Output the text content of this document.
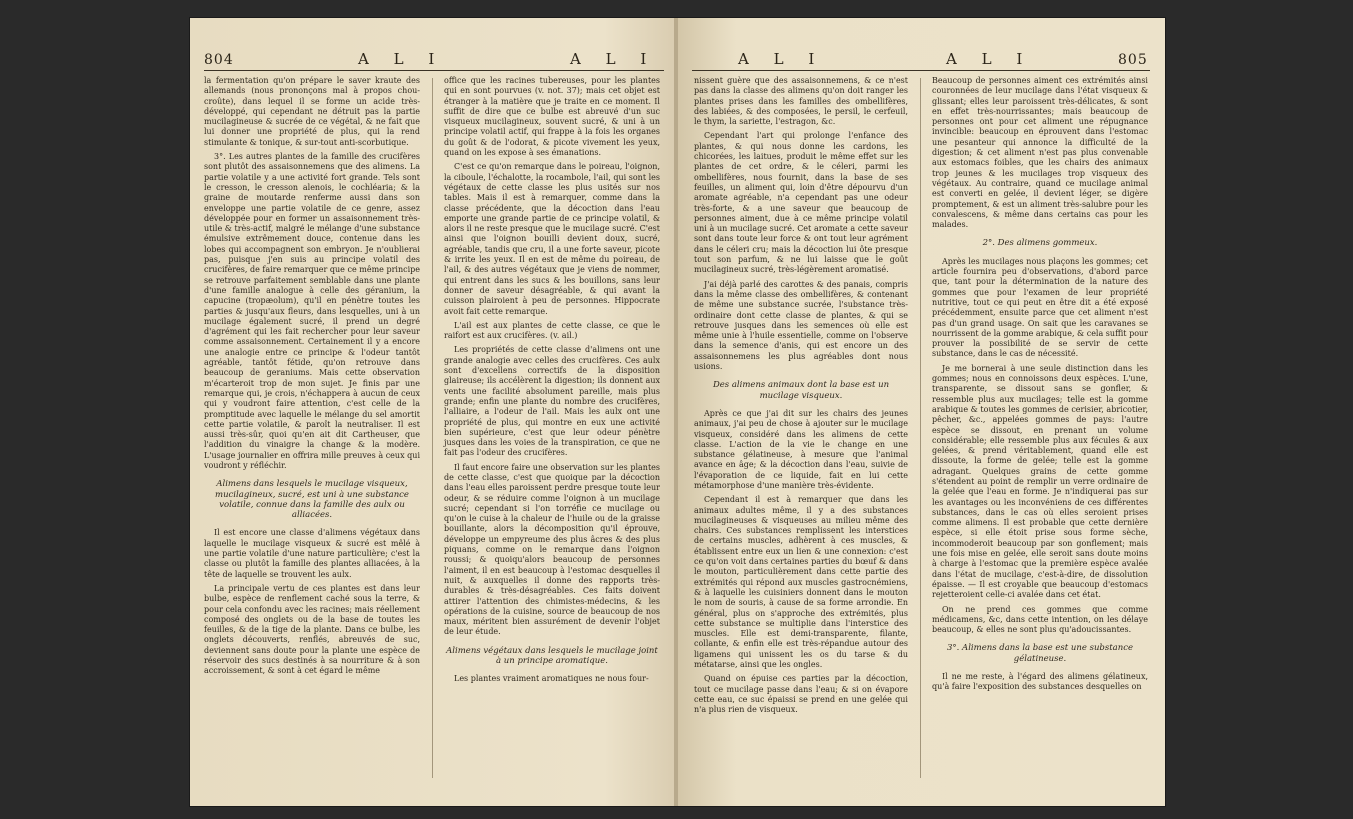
804	A L I	A L I

la fermentation qu'on prépare le saver kraute des allemands (nous prononçons mal à propos chou-croûte), dans lequel il se forme un acide très-développé, qui cependant ne détruit pas la partie mucilagineuse & sucrée de ce végétal, & ne fait que lui donner une propriété de plus, qui la rend stimulante & tonique, & sur-tout anti-scorbutique.

3°. Les autres plantes de la famille des crucifères sont plutôt des assaisonnemens que des alimens. La partie volatile y a une activité fort grande. Tels sont le cresson, le cresson alenois, le cochléaria; & la graine de moutarde renferme aussi dans son enveloppe une partie volatile de ce genre, assez développée pour en former un assaisonnement très-utile & très-actif, malgré le mélange d'une substance émulsive extrêmement douce, contenue dans les lobes qui accompagnent son embryon. Je n'oublierai pas, puisque j'en suis au principe volatil des crucifères, de faire remarquer que ce même principe se retrouve parfaitement semblable dans une plante d'une famille analogue à celle des géranium, la capucine (tropæolum), qu'il en pénètre toutes les parties & jusqu'aux fleurs, dans lesquelles, uni à un mucilage également sucré, il prend un degré d'agrément qui les fait rechercher pour leur saveur comme assaisonnement. Certainement il y a encore une analogie entre ce principe & l'odeur tantôt agréable, tantôt fétide, qu'on retrouve dans beaucoup de geraniums. Mais cette observation m'écarteroit trop de mon sujet. Je finis par une remarque qui, je crois, n'échappera à aucun de ceux qui y voudront faire attention, c'est celle de la promptitude avec laquelle le mélange du sel amortit cette partie volatile, & paroît la neutraliser. Il est aussi très-sûr, quoi qu'en ait dit Cartheuser, que l'addition du vinaigre la change & la modère. L'usage journalier en offrira mille preuves à ceux qui voudront y réfléchir.

Alimens dans lesquels le mucilage visqueux, mucilagineux, sucré, est uni à une substance volatile, connue dans la famille des aulx ou alliacées.

Il est encore une classe d'alimens végétaux dans laquelle le mucilage visqueux & sucré est mêlé à une partie volatile d'une nature particulière; c'est la classe ou plutôt la famille des plantes alliacées, à la tête de laquelle se trouvent les aulx.

La principale vertu de ces plantes est dans leur bulbe, espèce de renflement caché sous la terre, & pour cela confondu avec les racines; mais réellement composé des onglets ou de la base de toutes les feuilles, & de la tige de la plante. Dans ce bulbe, les onglets découverts, renflés, abreuvés de suc, deviennent sans doute pour la plante une espèce de réservoir des sucs destinés à sa nourriture & à son accroissement, & sont à cet égard le même

office que les racines tubereuses, pour les plantes qui en sont pourvues (v. not. 37); mais cet objet est étranger à la matière que je traite en ce moment. Il suffit de dire que ce bulbe est abreuvé d'un suc visqueux mucilagineux, souvent sucré, & uni à un principe volatil actif, qui frappe à la fois les organes du goût & de l'odorat, & picote vivement les yeux, quand on les expose à ses émanations.

C'est ce qu'on remarque dans le poireau, l'oignon, la ciboule, l'échalotte, la rocambole, l'ail, qui sont les végétaux de cette classe les plus usités sur nos tables. Mais il est à remarquer, comme dans la classe précédente, que la décoction dans l'eau emporte une grande partie de ce principe volatil, & alors il ne reste presque que le mucilage sucré. C'est ainsi que l'oignon bouilli devient doux, sucré, agréable, tandis que cru, il a une forte saveur, picote & irrite les yeux. Il en est de même du poireau, de l'ail, & des autres végétaux que je viens de nommer, qui entrent dans les sucs & les bouillons, sans leur donner de saveur désagréable, & qui avant la cuisson plairoient à peu de personnes. Hippocrate avoit fait cette remarque.

L'ail est aux plantes de cette classe, ce que le raifort est aux crucifères. (v. ail.)

Les propriétés de cette classe d'alimens ont une grande analogie avec celles des crucifères. Ces aulx sont d'excellens correctifs de la disposition glaireuse; ils accélèrent la digestion; ils donnent aux vents une facilité absolument pareille, mais plus grande; enfin une plante du nombre des crucifères, l'alliaire, a l'odeur de l'ail. Mais les aulx ont une propriété de plus, qui montre en eux une activité bien supérieure, c'est que leur odeur pénètre jusques dans les voies de la transpiration, ce que ne fait pas l'odeur des crucifères.

Il faut encore faire une observation sur les plantes de cette classe, c'est que quoique par la décoction dans l'eau elles paroissent perdre presque toute leur odeur, & se réduire comme l'oignon à un mucilage sucré; cependant si l'on torréfie ce mucilage ou qu'on le cuise à la chaleur de l'huile ou de la graisse bouillante, alors la décomposition qu'il éprouve, développe un empyreume des plus âcres & des plus piquans, comme on le remarque dans l'oignon roussi; & quoiqu'alors beaucoup de personnes l'aiment, il en est beaucoup à l'estomac desquelles il nuit, & auxquelles il donne des rapports très-durables & très-désagréables. Ces faits doivent attirer l'attention des chimistes-médecins, & les opérations de la cuisine, source de beaucoup de nos maux, méritent bien assurément de devenir l'objet de leur étude.

Alimens végétaux dans lesquels le mucilage joint à un principe aromatique.

Les plantes vraiment aromatiques ne nous four-

A L I	A L I	805

nissent guère que des assaisonnemens, & ce n'est pas dans la classe des alimens qu'on doit ranger les plantes prises dans les familles des ombellifères, des labiées, & des composées, le persil, le cerfeuil, le thym, la sariette, l'estragon, &c.

Cependant l'art qui prolonge l'enfance des plantes, & qui nous donne les cardons, les chicorées, les laitues, produit le même effet sur les plantes de cet ordre, & le céleri, parmi les ombellifères, nous fournit, dans la base de ses feuilles, un aliment qui, loin d'être dépourvu d'un aromate agréable, n'a cependant pas une odeur très-forte, & a une saveur que beaucoup de personnes aiment, due à ce même principe volatil uni à un mucilage sucré. Cet aromate a cette saveur sont dans toute leur force & ont tout leur agrément dans le céleri cru; mais la décoction lui ôte presque tout son parfum, & ne lui laisse que le goût mucilagineux sucré, très-légèrement aromatisé.

J'ai déjà parlé des carottes & des panais, compris dans la même classe des ombellifères, & contenant de même une substance sucrée, l'substance très-ordinaire dont cette classe de plantes, & qui se retrouve jusques dans les semences où elle est même unie à l'huile essentielle, comme on l'observe dans la semence d'anis, qui est encore un des assaisonnemens les plus agréables dont nous usions.

Des alimens animaux dont la base est un mucilage visqueux.

Après ce que j'ai dit sur les chairs des jeunes animaux, j'ai peu de chose à ajouter sur le mucilage visqueux, considéré dans les alimens de cette classe. L'action de la vie le change en une substance gélatineuse, à mesure que l'animal avance en âge; & la décoction dans l'eau, suivie de l'évaporation de ce liquide, fait en lui cette métamorphose d'une manière très-évidente.

Cependant il est à remarquer que dans les animaux adultes même, il y a des substances mucilagineuses & visqueuses au milieu même des chairs. Ces substances remplissent les interstices de certains muscles, adhèrent à ces muscles, & établissent entre eux un lien & une connexion: c'est ce qu'on voit dans certaines parties du bœuf & dans le mouton, particulièrement dans cette partie des extrémités qui répond aux muscles gastrocnémiens, & à laquelle les cuisiniers donnent dans le mouton le nom de souris, à cause de sa forme arrondie. En général, plus on s'approche des extrémités, plus cette substance se multiplie dans l'interstice des muscles. Elle est demi-transparente, filante, collante, & enfin elle est très-répandue autour des ligamens qui unissent les os du tarse & du métatarse, ainsi que les ongles.

Quand on épuise ces parties par la décoction, tout ce mucilage passe dans l'eau; & si on évapore cette eau, ce suc épaissi se prend en une gelée qui n'a plus rien de visqueux.

Beaucoup de personnes aiment ces extrémités ainsi couronnées de leur mucilage dans l'état visqueux & glissant; elles leur paroissent très-délicates, & sont en effet très-nourrissantes; mais beaucoup de personnes ont pour cet aliment une répugnance invincible: beaucoup en éprouvent dans l'estomac une pesanteur qui annonce la difficulté de la digestion; & cet aliment n'est pas plus convenable aux estomacs foibles, que les chairs des animaux trop jeunes & les mucilages trop visqueux des végétaux. Au contraire, quand ce mucilage animal est converti en gelée, il devient léger, se digère promptement, & est un aliment très-salubre pour les convalescens, & même dans certains cas pour les malades.

2°. Des alimens gommeux.

Après les mucilages nous plaçons les gommes; cet article fournira peu d'observations, d'abord parce que, tant pour la détermination de la nature des gommes que pour l'examen de leur propriété nutritive, tout ce qui peut en être dit a été exposé précédemment, ensuite parce que cet aliment n'est pas d'un grand usage. On sait que les caravanes se nourrissent de la gomme arabique, & cela suffit pour prouver la possibilité de se servir de cette substance, dans le cas de nécessité.

Je me bornerai à une seule distinction dans les gommes; nous en connoissons deux espèces. L'une, transparente, se dissout sans se gonfler, & ressemble plus aux mucilages; telle est la gomme arabique & toutes les gommes de cerisier, abricotier, pêcher, &c., appelées gommes de pays: l'autre espèce se dissout, en prenant un volume considérable; elle ressemble plus aux fécules & aux gelées, & prend véritablement, quand elle est dissoute, la forme de gelée; telle est la gomme adragant. Quelques grains de cette gomme s'étendent au point de remplir un verre ordinaire de la gelée que l'eau en forme. Je n'indiquerai pas sur les avantages ou les inconvéniens de ces différentes substances, dans le cas où elles seroient prises comme alimens. Il est probable que cette dernière espèce, si elle étoit prise sous forme sèche, incommoderoit beaucoup par son gonflement; mais une fois mise en gelée, elle seroit sans doute moins à charge à l'estomac que la première espèce avalée dans l'état de mucilage, c'est-à-dire, de dissolution épaisse. — Il est croyable que beaucoup d'estomacs rejetteroient celle-ci avalée dans cet état.

On ne prend ces gommes que comme médicamens, &c, dans cette intention, on les délaye beaucoup, & elles ne sont plus qu'adoucissantes.

3°. Alimens dans la base est une substance gélatineuse.

Il ne me reste, à l'égard des alimens gélatineux, qu'à faire l'exposition des substances desquelles on
